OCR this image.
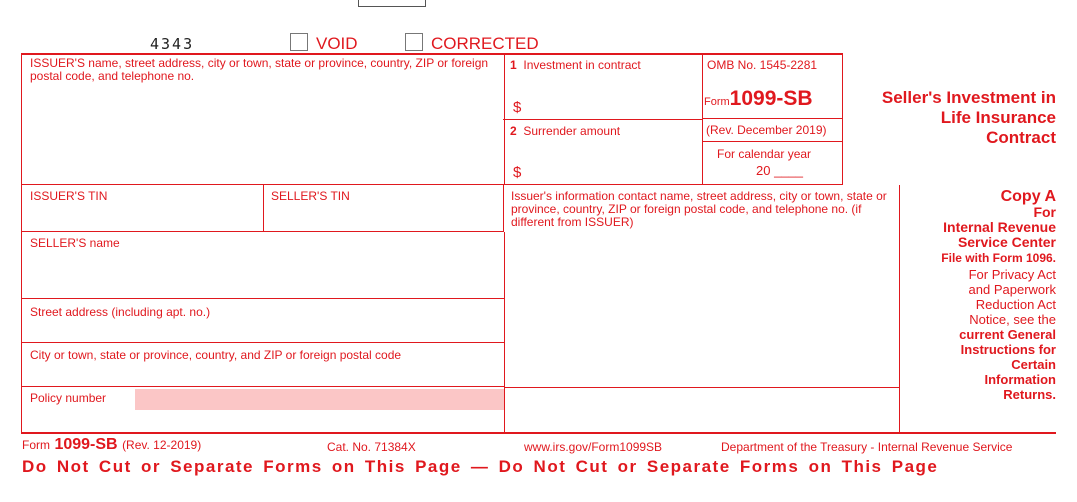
4343	VOID	CORRECTED
ISSUER'S name, street address, city or town, state or province, country, ZIP or foreign postal code, and telephone no.
1 Investment in contract
$
2 Surrender amount
$
OMB No. 1545-2281
Form1099-SB
(Rev. December 2019)
For calendar year
20 ____
Seller's Investment in
Life Insurance
Contract
ISSUER'S TIN	SELLER'S TIN
SELLER'S name
Street address (including apt. no.)
City or town, state or province, country, and ZIP or foreign postal code
Policy number
Issuer's information contact name, street address, city or town, state or province, country, ZIP or foreign postal code, and telephone no. (if different from ISSUER)
Copy A
For
Internal Revenue
Service Center
File with Form 1096.
For Privacy Act
and Paperwork
Reduction Act
Notice, see the
current General
Instructions for
Certain
Information
Returns.
Form 1099-SB (Rev. 12-2019)	Cat. No. 71384X	www.irs.gov/Form1099SB	Department of the Treasury - Internal Revenue Service
Do Not Cut or Separate Forms on This Page — Do Not Cut or Separate Forms on This Page
